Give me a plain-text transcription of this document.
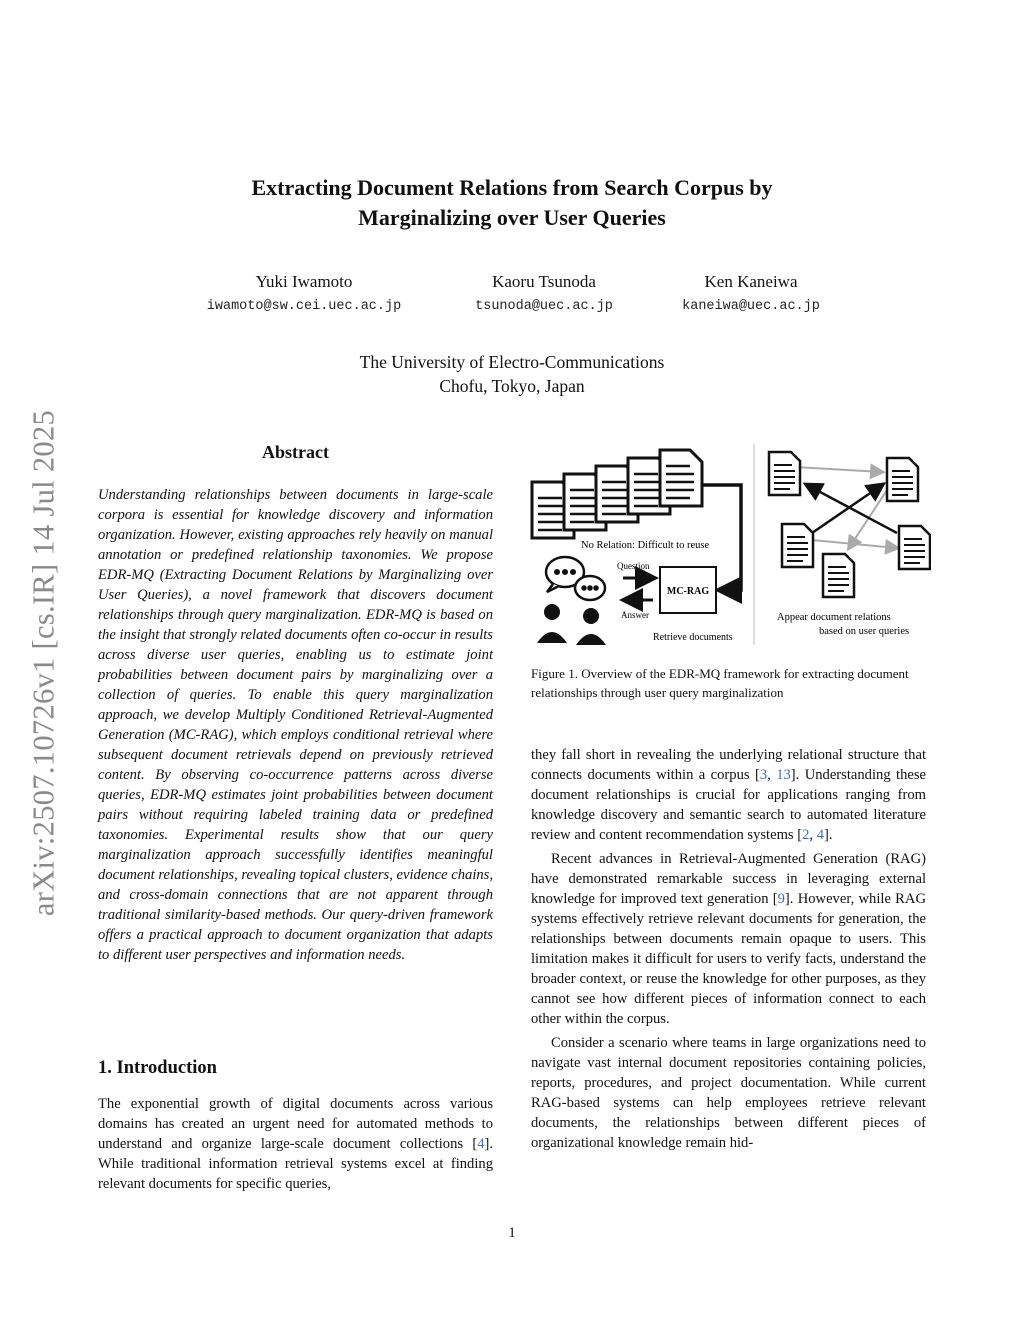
arXiv:2507.10726v1 [cs.IR] 14 Jul 2025
Extracting Document Relations from Search Corpus by
Marginalizing over User Queries
Yuki Iwamoto
iwamoto@sw.cei.uec.ac.jp
Kaoru Tsunoda
tsunoda@uec.ac.jp
Ken Kaneiwa
kaneiwa@uec.ac.jp
The University of Electro-Communications
Chofu, Tokyo, Japan
Abstract
Understanding relationships between documents in large-scale corpora is essential for knowledge discovery and information organization. However, existing approaches rely heavily on manual annotation or predefined relationship taxonomies. We propose EDR-MQ (Extracting Document Relations by Marginalizing over User Queries), a novel framework that discovers document relationships through query marginalization. EDR-MQ is based on the insight that strongly related documents often co-occur in results across diverse user queries, enabling us to estimate joint probabilities between document pairs by marginalizing over a collection of queries. To enable this query marginalization approach, we develop Multiply Conditioned Retrieval-Augmented Generation (MC-RAG), which employs conditional retrieval where subsequent document retrievals depend on previously retrieved content. By observing co-occurrence patterns across diverse queries, EDR-MQ estimates joint probabilities between document pairs without requiring labeled training data or predefined taxonomies. Experimental results show that our query marginalization approach successfully identifies meaningful document relationships, revealing topical clusters, evidence chains, and cross-domain connections that are not apparent through traditional similarity-based methods. Our query-driven framework offers a practical approach to document organization that adapts to different user perspectives and information needs.
1. Introduction
The exponential growth of digital documents across various domains has created an urgent need for automated methods to understand and organize large-scale document collections [4]. While traditional information retrieval systems excel at finding relevant documents for specific queries,
No Relation: Difficult to reuse
Question
Answer
MC-RAG
Retrieve documents
Appear document relations
based on user queries
Figure 1. Overview of the EDR-MQ framework for extracting document relationships through user query marginalization

they fall short in revealing the underlying relational structure that connects documents within a corpus [3, 13]. Understanding these document relationships is crucial for applications ranging from knowledge discovery and semantic search to automated literature review and content recommendation systems [2, 4].

Recent advances in Retrieval-Augmented Generation (RAG) have demonstrated remarkable success in leveraging external knowledge for improved text generation [9]. However, while RAG systems effectively retrieve relevant documents for generation, the relationships between documents remain opaque to users. This limitation makes it difficult for users to verify facts, understand the broader context, or reuse the knowledge for other purposes, as they cannot see how different pieces of information connect to each other within the corpus.

Consider a scenario where teams in large organizations need to navigate vast internal document repositories containing policies, reports, procedures, and project documentation. While current RAG-based systems can help employees retrieve relevant documents, the relationships between different pieces of organizational knowledge remain hid-

1
